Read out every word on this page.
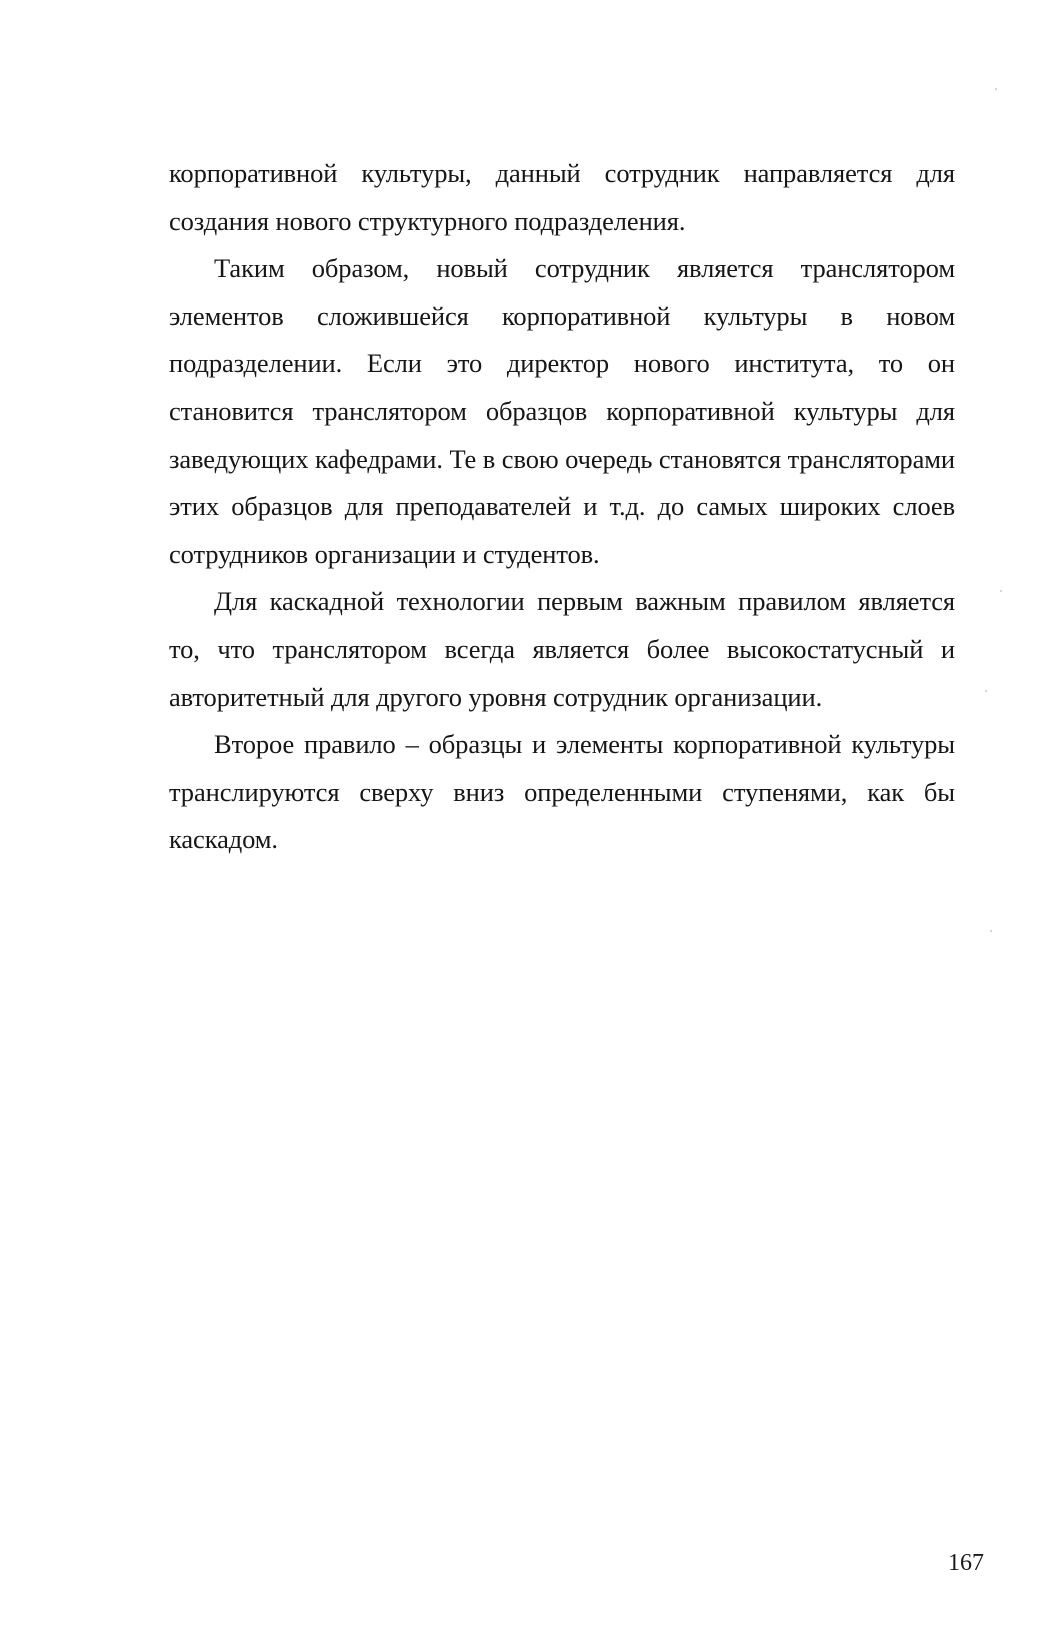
корпоративной культуры, данный сотрудник направляется для создания нового структурного подразделения.

Таким образом, новый сотрудник является транслятором элементов сложившейся корпоративной культуры в новом подразделении. Если это директор нового института, то он становится транслятором образцов корпоративной культуры для заведующих кафедрами. Те в свою очередь становятся трансляторами этих образцов для преподавателей и т.д. до самых широких слоев сотрудников организации и студентов.

Для каскадной технологии первым важным правилом является то, что транслятором всегда является более высокостатусный и авторитетный для другого уровня сотрудник организации.

Второе правило – образцы и элементы корпоративной культуры транслируются сверху вниз определенными ступенями, как бы каскадом.

167
